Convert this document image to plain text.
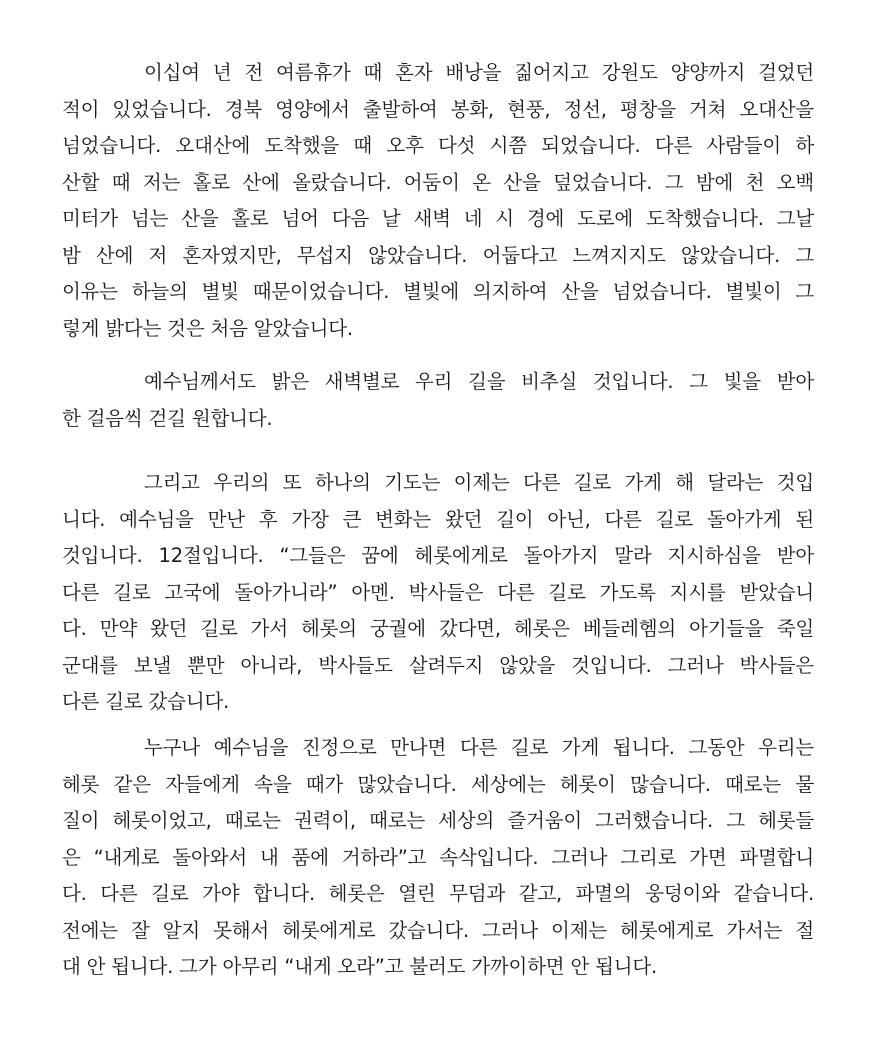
이십여 년 전 여름휴가 때 혼자 배낭을 짊어지고 강원도 양양까지 걸었던
적이 있었습니다. 경북 영양에서 출발하여 봉화, 현풍, 정선, 평창을 거쳐 오대산을
넘었습니다. 오대산에 도착했을 때 오후 다섯 시쯤 되었습니다. 다른 사람들이 하
산할 때 저는 홀로 산에 올랐습니다. 어둠이 온 산을 덮었습니다. 그 밤에 천 오백
미터가 넘는 산을 홀로 넘어 다음 날 새벽 네 시 경에 도로에 도착했습니다. 그날
밤 산에 저 혼자였지만, 무섭지 않았습니다. 어둡다고 느껴지지도 않았습니다. 그
이유는 하늘의 별빛 때문이었습니다. 별빛에 의지하여 산을 넘었습니다. 별빛이 그
렇게 밝다는 것은 처음 알았습니다.
예수님께서도 밝은 새벽별로 우리 길을 비추실 것입니다. 그 빛을 받아
한 걸음씩 걷길 원합니다.
그리고 우리의 또 하나의 기도는 이제는 다른 길로 가게 해 달라는 것입
니다. 예수님을 만난 후 가장 큰 변화는 왔던 길이 아닌, 다른 길로 돌아가게 된
것입니다. 12절입니다. “그들은 꿈에 헤롯에게로 돌아가지 말라 지시하심을 받아
다른 길로 고국에 돌아가니라” 아멘. 박사들은 다른 길로 가도록 지시를 받았습니
다. 만약 왔던 길로 가서 헤롯의 궁궐에 갔다면, 헤롯은 베들레헴의 아기들을 죽일
군대를 보낼 뿐만 아니라, 박사들도 살려두지 않았을 것입니다. 그러나 박사들은
다른 길로 갔습니다.
누구나 예수님을 진정으로 만나면 다른 길로 가게 됩니다. 그동안 우리는
헤롯 같은 자들에게 속을 때가 많았습니다. 세상에는 헤롯이 많습니다. 때로는 물
질이 헤롯이었고, 때로는 권력이, 때로는 세상의 즐거움이 그러했습니다. 그 헤롯들
은 “내게로 돌아와서 내 품에 거하라”고 속삭입니다. 그러나 그리로 가면 파멸합니
다. 다른 길로 가야 합니다. 헤롯은 열린 무덤과 같고, 파멸의 웅덩이와 같습니다.
전에는 잘 알지 못해서 헤롯에게로 갔습니다. 그러나 이제는 헤롯에게로 가서는 절
대 안 됩니다. 그가 아무리 “내게 오라”고 불러도 가까이하면 안 됩니다.
